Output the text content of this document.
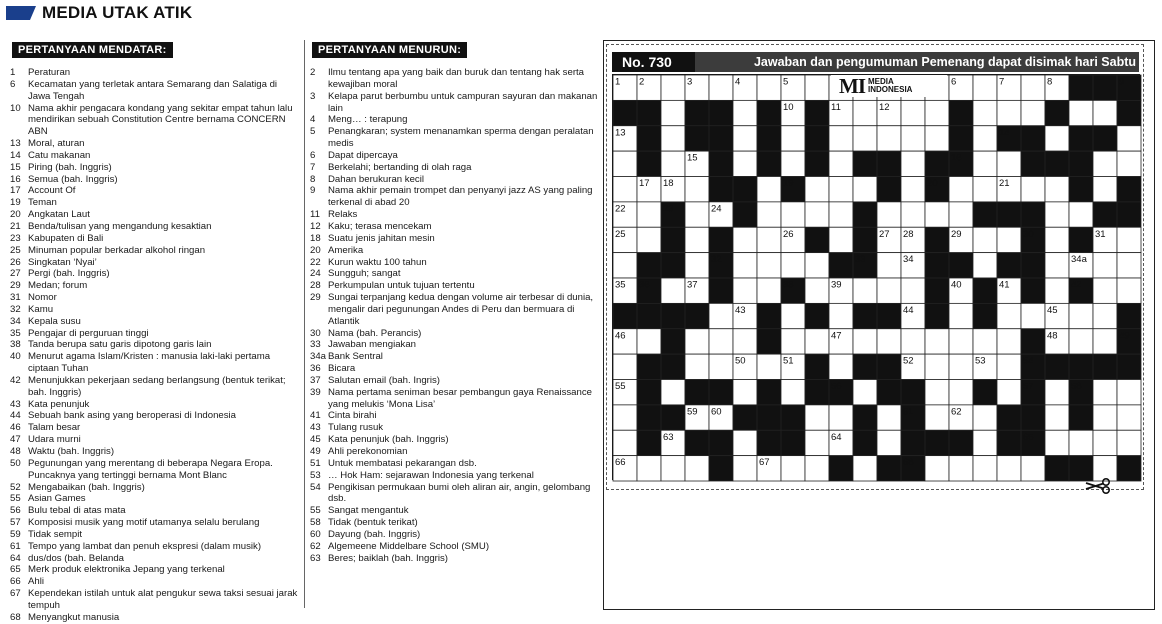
MEDIA UTAK ATIK
PERTANYAAN MENDATAR:
1	Peraturan
6	Kecamatan yang terletak antara Semarang dan Salatiga di Jawa Tengah
10 Nama akhir pengacara kondang yang sekitar empat tahun lalu mendirikan sebuah Constitution Centre bernama CONCERN ABN
13 Moral, aturan
14 Catu makanan
15 Piring (bah. Inggris)
16 Semua (bah. Inggris)
17 Account Of
19 Teman
20 Angkatan Laut
21 Benda/tulisan yang mengandung kesaktian
23 Kabupaten di Bali
25 Minuman popular berkadar alkohol ringan
26 Singkatan ‘Nyai’
27 Pergi (bah. Inggris)
29 Medan; forum
31 Nomor
32 Kamu
34 Kepala susu
35 Pengajar di perguruan tinggi
38 Tanda berupa satu garis dipotong garis lain
40 Menurut agama Islam/Kristen : manusia laki-laki pertama ciptaan Tuhan
42 Menunjukkan pekerjaan sedang berlangsung (bentuk terikat; bah. Inggris)
43 Kata penunjuk
44 Sebuah bank asing yang beroperasi di Indonesia
46 Talam besar
47 Udara murni
48 Waktu (bah. Inggris)
50 Pegunungan yang merentang di beberapa Negara Eropa. Puncaknya yang tertinggi bernama Mont Blanc
52 Mengabaikan (bah. Inggris)
55 Asian Games
56 Bulu tebal di atas mata
57 Komposisi musik yang motif utamanya selalu berulang
59 Tidak sempit
61 Tempo yang lambat dan penuh ekspresi (dalam musik)
64 dus/dos (bah. Belanda
65 Merk produk elektronika Jepang yang terkenal
66 Ahli
67 Kependekan istilah untuk alat pengukur sewa taksi sesuai jarak tempuh
68 Menyangkut manusia
PERTANYAAN MENURUN:
2	Ilmu tentang apa yang baik dan buruk dan tentang hak serta kewajiban moral
3	Kelapa parut berbumbu untuk campuran sayuran dan makanan lain
4	Meng… : terapung
5	Penangkaran; system menanamkan sperma dengan peralatan medis
6	Dapat dipercaya
7	Berkelahi; bertanding di olah raga
8	Dahan berukuran kecil
9	Nama akhir pemain trompet dan penyanyi jazz AS yang paling terkenal di abad 20
11 Relaks
12 Kaku; terasa mencekam
18 Suatu jenis jahitan mesin
20 Amerika
22 Kurun waktu 100 tahun
24 Sungguh; sangat
28 Perkumpulan untuk tujuan tertentu
29 Sungai terpanjang kedua dengan volume air terbesar di dunia, mengalir dari pegunungan Andes di Peru dan bermuara di Atlantik
30 Nama (bah. Perancis)
33 Jawaban mengiakan
34a Bank Sentral
36 Bicara
37 Salutan email (bah. Ingris)
39 Nama pertama seniman besar pembangun gaya Renaissance yang melukis ‘Mona Lisa’
41 Cinta birahi
43 Tulang rusuk
45 Kata penunjuk (bah. Inggris)
49 Ahli perekonomian
51 Untuk membatasi pekarangan dsb.
53 … Hok Ham: sejarawan Indonesia yang terkenal
54 Pengikisan permukaan bumi oleh aliran air, angin, gelombang dsb.
55 Sangat mengantuk
58 Tidak (bentuk terikat)
60 Dayung (bah. Inggris)
62 Algemeene Middelbare School (SMU)
63 Beres; baiklah (bah. Inggris)
No. 730	Jawaban dan pengumuman Pemenang dapat disimak hari Sabtu
1 2	3	4	5	6	7	8	9
10	11	12
13	14
15	16
17 18	19	20	21
22	23	24
25	26	27 28	29	30	31
32	33	34	34a
35 36	37	38	39	40	41	42
43	44	45
46	47	48	49
50	51	52	53	54
55	56	57	58
59 60	61	62
63	64	65
66	67	68
MI MEDIA
INDONESIA
